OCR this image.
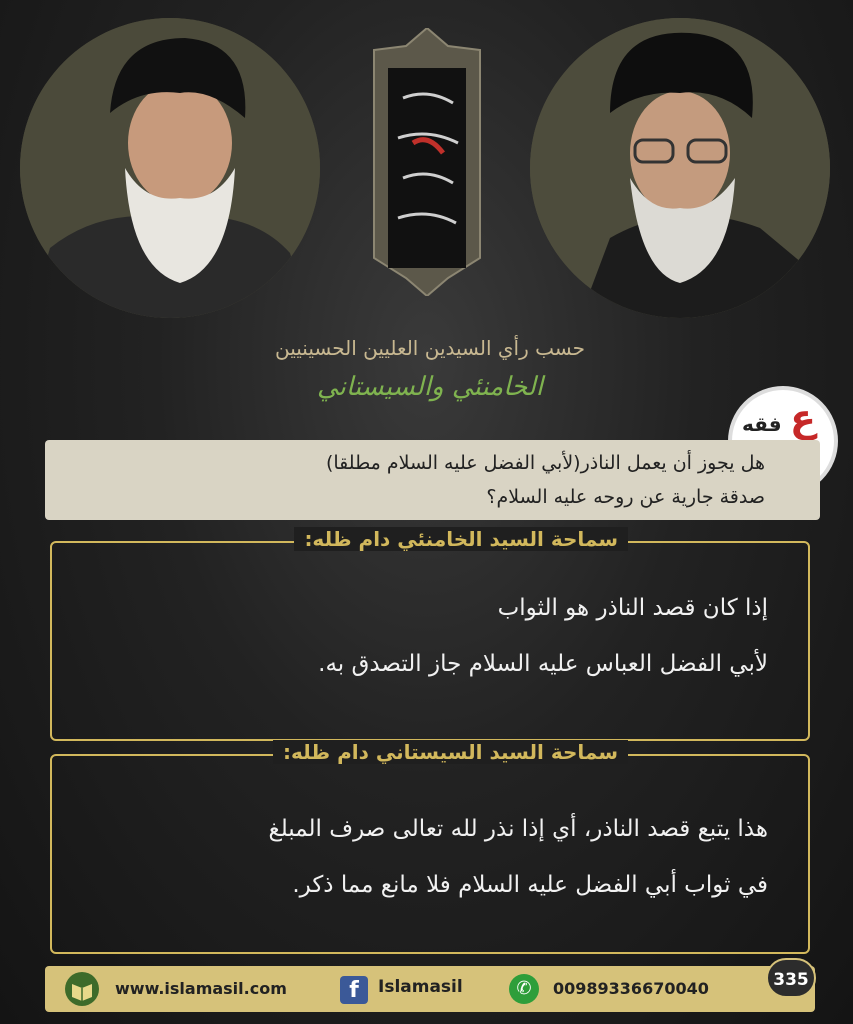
حسب رأي السيدين العليين الحسينيين
الخامنئي والسيستاني
فقه ع
هل يجوز أن يعمل الناذر(لأبي الفضل عليه السلام مطلقا)
صدقة جارية عن روحه عليه السلام؟
سماحة السيد الخامنئي دام ظله:
إذا كان قصد الناذر هو الثواب
لأبي الفضل العباس عليه السلام جاز التصدق به.
سماحة السيد السيستاني دام ظله:
هذا يتبع قصد الناذر، أي إذا نذر لله تعالى صرف المبلغ
في ثواب أبي الفضل عليه السلام فلا مانع مما ذكر.
www.islamasil.com	f	Islamasil	✆	00989336670040	335
